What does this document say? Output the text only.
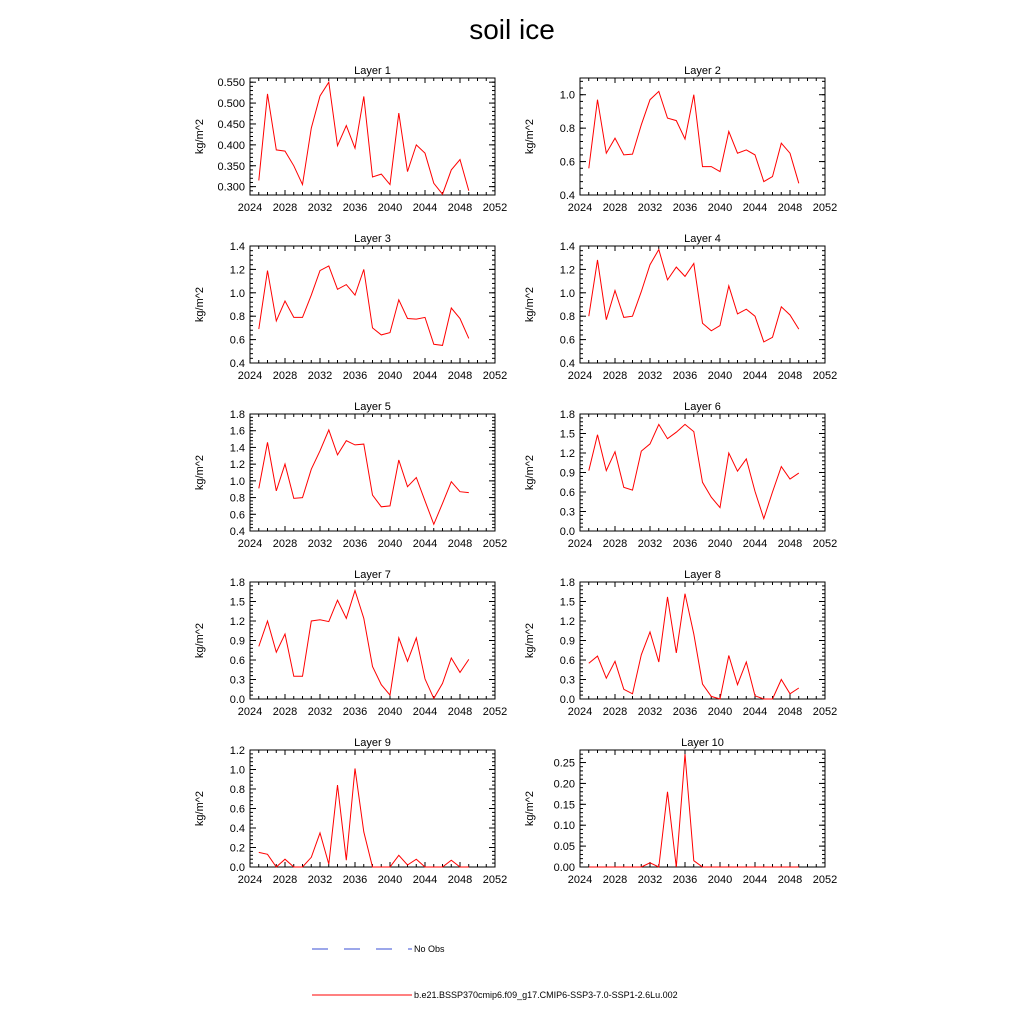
soil ice
Layer 1
kg/m^2
2024 2028 2032 2036 2040 2044 2048 2052
0.300
0.350
0.400
0.450
0.500
0.550
Layer 2
kg/m^2
2024 2028 2032 2036 2040 2044 2048 2052
0.4
0.6
0.8
1.0
Layer 3
kg/m^2
2024 2028 2032 2036 2040 2044 2048 2052
0.4
0.6
0.8
1.0
1.2
1.4
Layer 4
kg/m^2
2024 2028 2032 2036 2040 2044 2048 2052
0.4
0.6
0.8
1.0
1.2
1.4
Layer 5
kg/m^2
2024 2028 2032 2036 2040 2044 2048 2052
0.4
0.6
0.8
1.0
1.2
1.4
1.6
1.8
Layer 6
kg/m^2
2024 2028 2032 2036 2040 2044 2048 2052
0.0
0.3
0.6
0.9
1.2
1.5
1.8
Layer 7
kg/m^2
2024 2028 2032 2036 2040 2044 2048 2052
0.0
0.3
0.6
0.9
1.2
1.5
1.8
Layer 8
kg/m^2
2024 2028 2032 2036 2040 2044 2048 2052
0.0
0.3
0.6
0.9
1.2
1.5
1.8
Layer 9
kg/m^2
2024 2028 2032 2036 2040 2044 2048 2052
0.0
0.2
0.4
0.6
0.8
1.0
1.2
Layer 10
kg/m^2
2024 2028 2032 2036 2040 2044 2048 2052
0.00
0.05
0.10
0.15
0.20
0.25
No Obs
b.e21.BSSP370cmip6.f09_g17.CMIP6-SSP3-7.0-SSP1-2.6Lu.002
